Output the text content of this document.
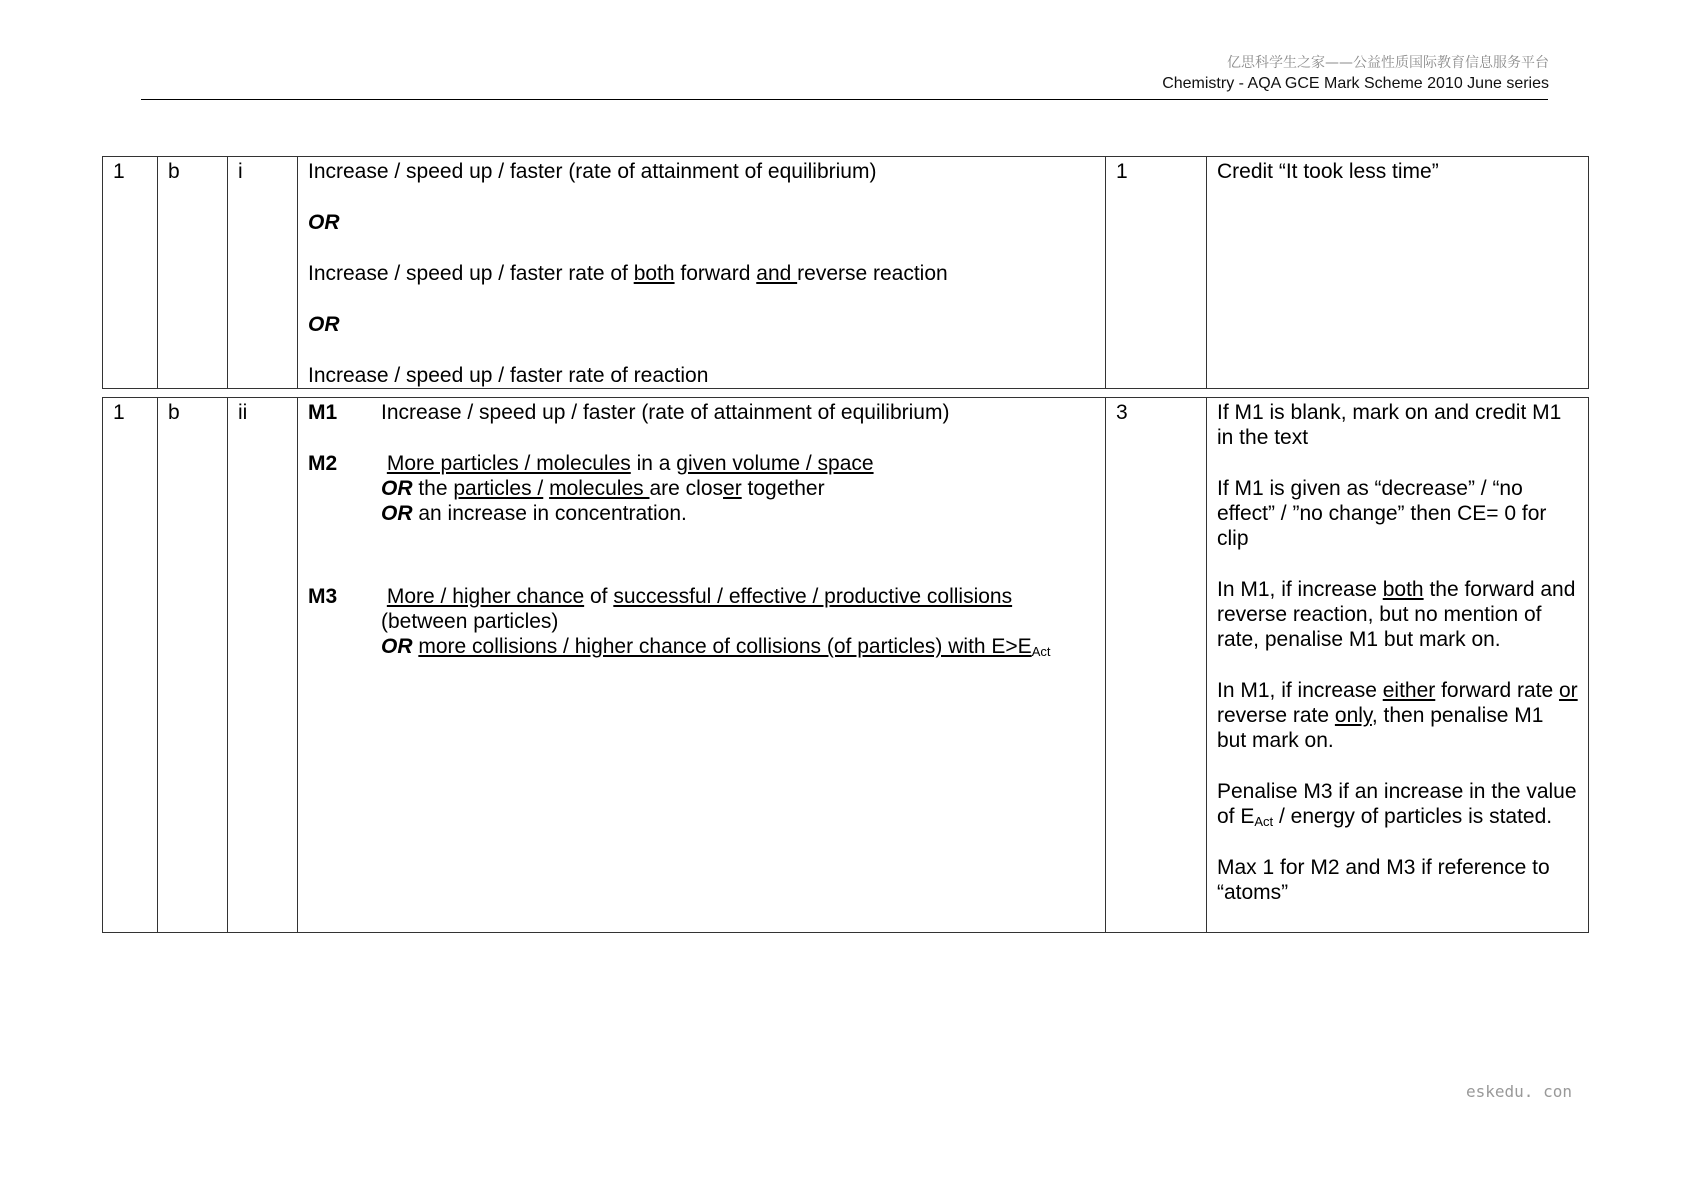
亿思科学生之家——公益性质国际教育信息服务平台
Chemistry - AQA GCE Mark Scheme 2010 June series
1	b	i	Increase / speed up / faster (rate of attainment of equilibrium)
OR
Increase / speed up / faster rate of both forward and reverse reaction
OR
Increase / speed up / faster rate of reaction
	1	Credit “It took less time”
1	b	ii	M1	Increase / speed up / faster (rate of attainment of equilibrium)
M2	More particles / molecules in a given volume / space
OR the particles / molecules are closer together
OR an increase in concentration.
M3	More / higher chance of successful / effective / productive collisions
(between particles)
OR more collisions / higher chance of collisions (of particles) with $E>E_{Act}$
	3	If M1 is blank, mark on and credit M1 in the text
If M1 is given as “decrease” / “no effect” / ”no change” then CE= 0 for clip
In M1, if increase both the forward and reverse reaction, but no mention of rate, penalise M1 but mark on.
In M1, if increase either forward rate or reverse rate only, then penalise M1 but mark on.
Penalise M3 if an increase in the value of $E_{Act}$ / energy of particles is stated.
Max 1 for M2 and M3 if reference to “atoms”
eskedu. con
